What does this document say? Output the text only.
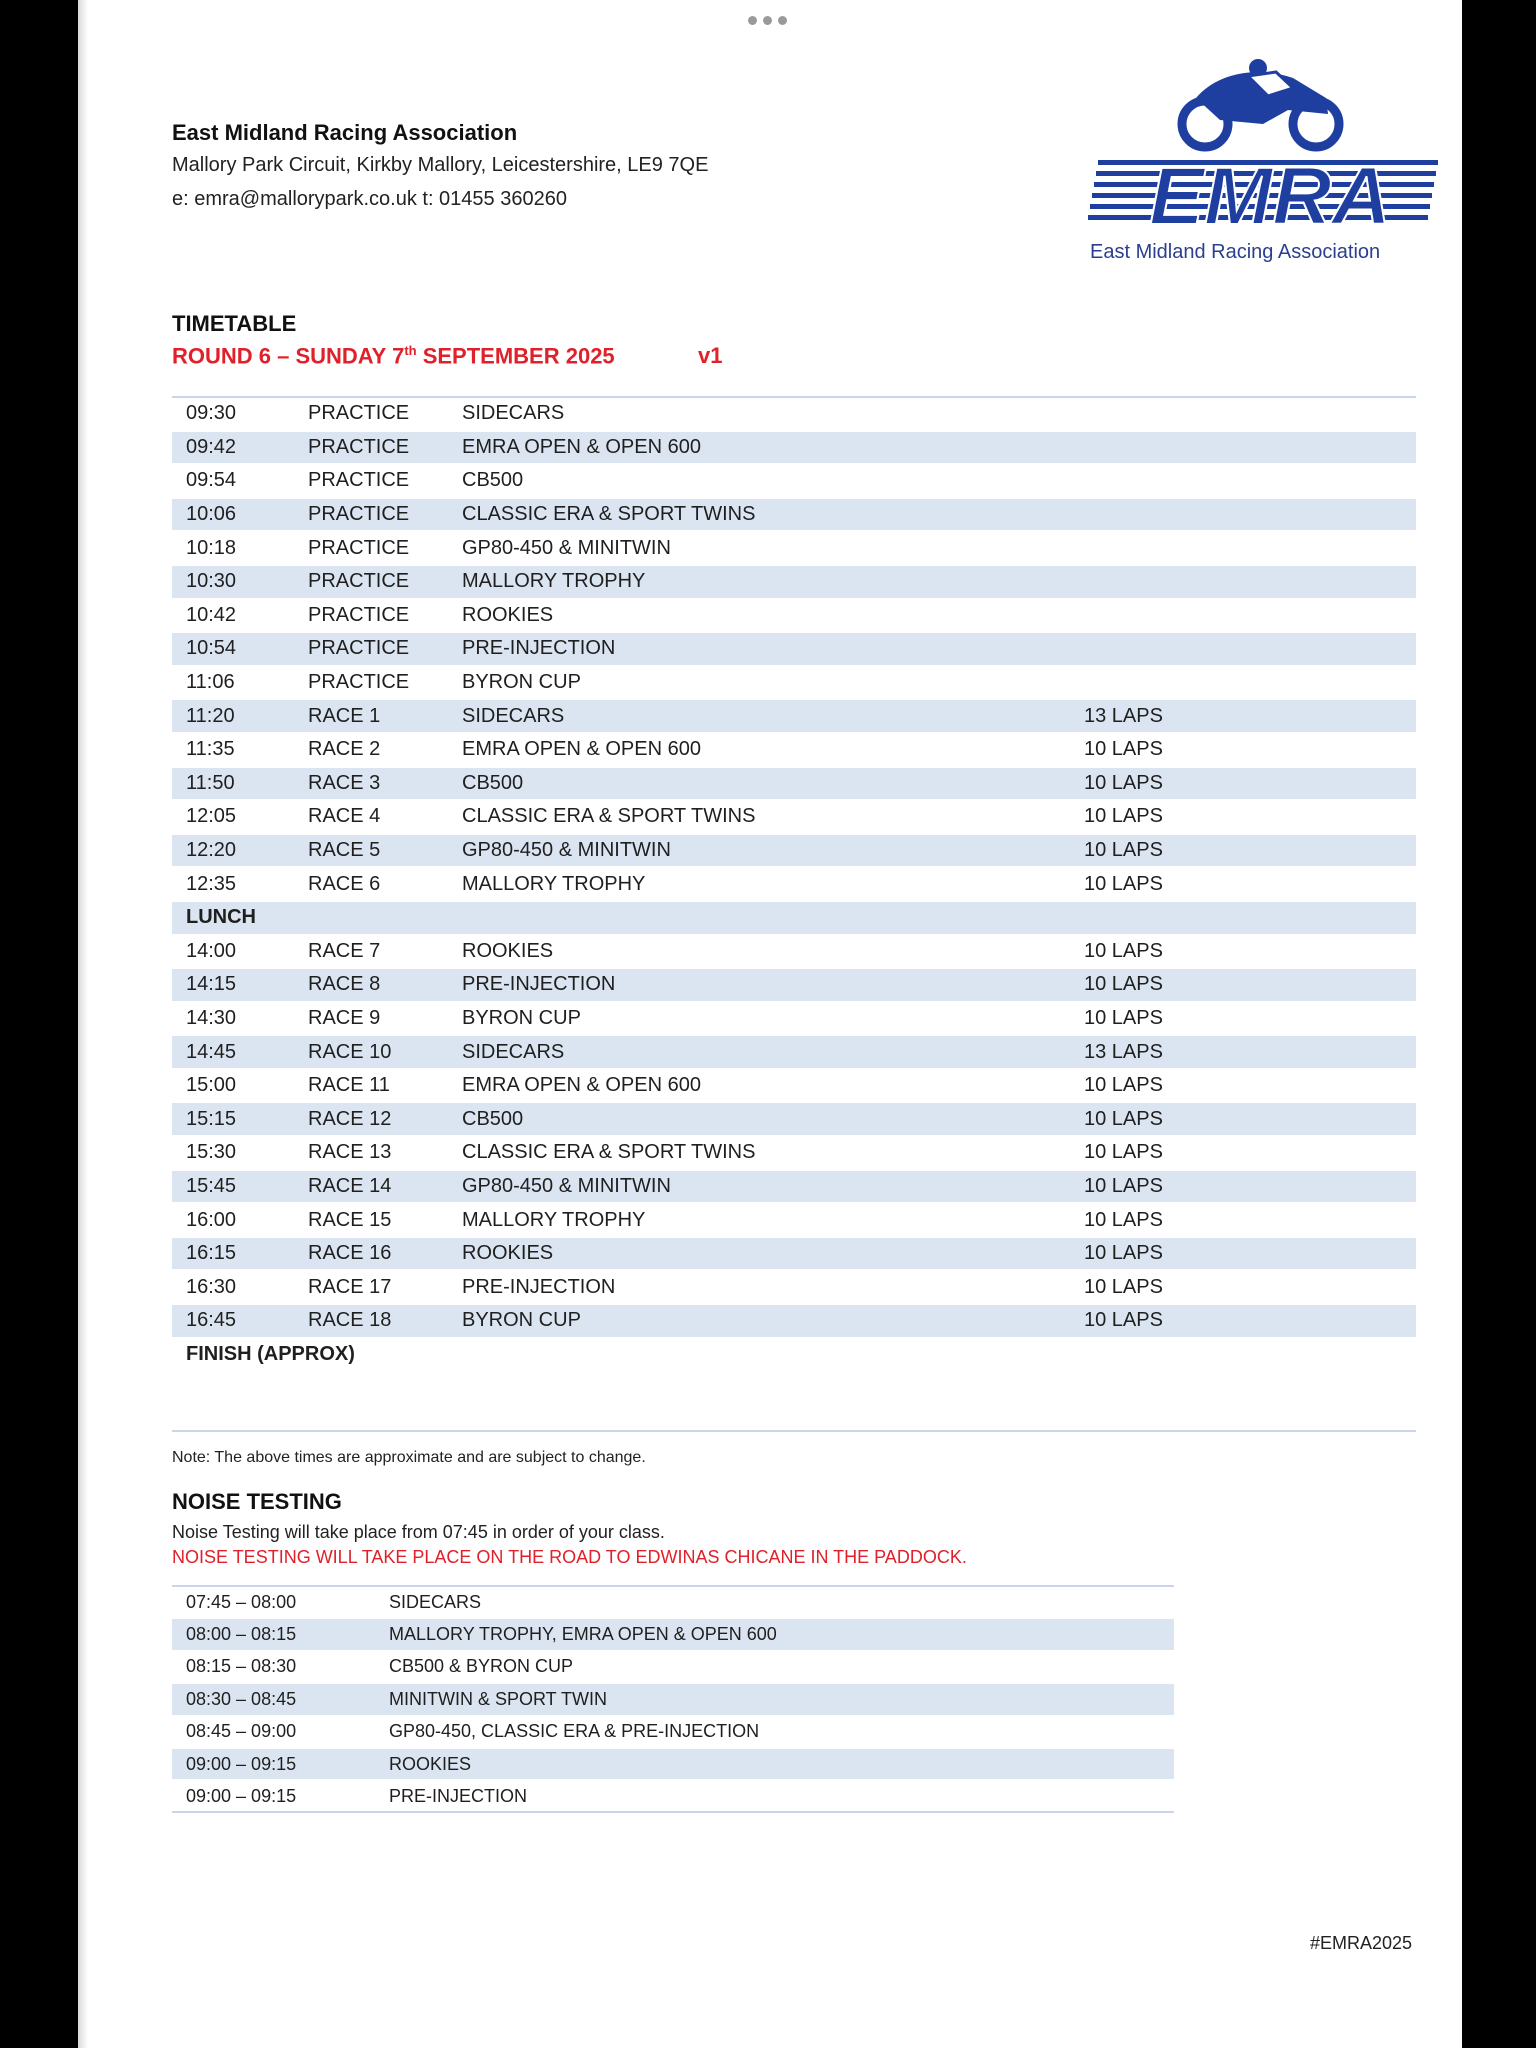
East Midland Racing Association
Mallory Park Circuit, Kirkby Mallory, Leicestershire, LE9 7QE
e: emra@mallorypark.co.uk t: 01455 360260	EMRA
East Midland Racing Association
TIMETABLE
ROUND 6 – SUNDAY 7th SEPTEMBER 2025	v1
09:30	PRACTICE	SIDECARS
09:42	PRACTICE	EMRA OPEN & OPEN 600
09:54	PRACTICE	CB500
10:06	PRACTICE	CLASSIC ERA & SPORT TWINS
10:18	PRACTICE	GP80-450 & MINITWIN
10:30	PRACTICE	MALLORY TROPHY
10:42	PRACTICE	ROOKIES
10:54	PRACTICE	PRE-INJECTION
11:06	PRACTICE	BYRON CUP
11:20	RACE 1	SIDECARS	13 LAPS
11:35	RACE 2	EMRA OPEN & OPEN 600	10 LAPS
11:50	RACE 3	CB500	10 LAPS
12:05	RACE 4	CLASSIC ERA & SPORT TWINS	10 LAPS
12:20	RACE 5	GP80-450 & MINITWIN	10 LAPS
12:35	RACE 6	MALLORY TROPHY	10 LAPS
LUNCH
14:00	RACE 7	ROOKIES	10 LAPS
14:15	RACE 8	PRE-INJECTION	10 LAPS
14:30	RACE 9	BYRON CUP	10 LAPS
14:45	RACE 10	SIDECARS	13 LAPS
15:00	RACE 11	EMRA OPEN & OPEN 600	10 LAPS
15:15	RACE 12	CB500	10 LAPS
15:30	RACE 13	CLASSIC ERA & SPORT TWINS	10 LAPS
15:45	RACE 14	GP80-450 & MINITWIN	10 LAPS
16:00	RACE 15	MALLORY TROPHY	10 LAPS
16:15	RACE 16	ROOKIES	10 LAPS
16:30	RACE 17	PRE-INJECTION	10 LAPS
16:45	RACE 18	BYRON CUP	10 LAPS
FINISH (APPROX)
Note: The above times are approximate and are subject to change.
NOISE TESTING
Noise Testing will take place from 07:45 in order of your class.
NOISE TESTING WILL TAKE PLACE ON THE ROAD TO EDWINAS CHICANE IN THE PADDOCK.
07:45 – 08:00	SIDECARS
08:00 – 08:15	MALLORY TROPHY, EMRA OPEN & OPEN 600
08:15 – 08:30	CB500 & BYRON CUP
08:30 – 08:45	MINITWIN & SPORT TWIN
08:45 – 09:00	GP80-450, CLASSIC ERA & PRE-INJECTION
09:00 – 09:15	ROOKIES
09:00 – 09:15	PRE-INJECTION
#EMRA2025
